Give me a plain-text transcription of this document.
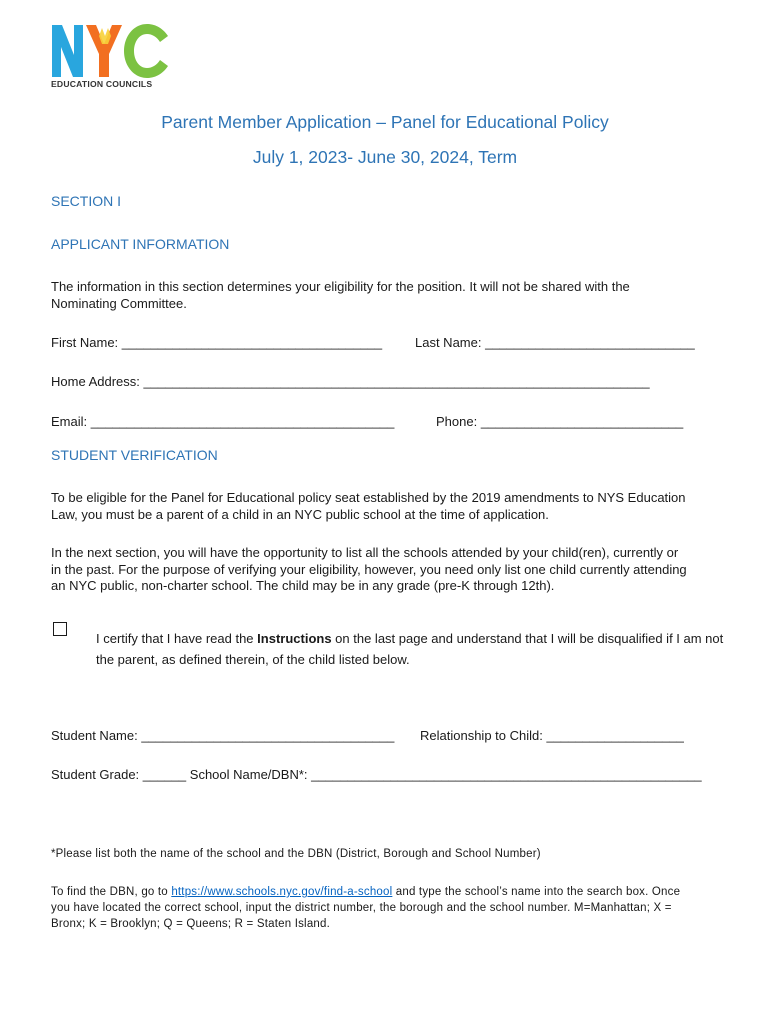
EDUCATION COUNCILS
Parent Member Application – Panel for Educational Policy
July 1, 2023- June 30, 2024, Term
SECTION I
APPLICANT INFORMATION
The information in this section determines your eligibility for the position. It will not be shared with the Nominating Committee.
First Name: ____________________________________	Last Name: _____________________________
Home Address: ______________________________________________________________________
Email: __________________________________________	Phone: ____________________________
STUDENT VERIFICATION
To be eligible for the Panel for Educational policy seat established by the 2019 amendments to NYS Education Law, you must be a parent of a child in an NYC public school at the time of application.
In the next section, you will have the opportunity to list all the schools attended by your child(ren), currently or in the past. For the purpose of verifying your eligibility, however, you need only list one child currently attending an NYC public, non-charter school. The child may be in any grade (pre-K through 12th).
I certify that I have read the Instructions on the last page and understand that I will be disqualified if I am not the parent, as defined therein, of the child listed below.
Student Name: ___________________________________ Relationship to Child: ___________________
Student Grade: ______ School Name/DBN*: ______________________________________________________
*Please list both the name of the school and the DBN (District, Borough and School Number)
To find the DBN, go to https://www.schools.nyc.gov/find-a-school and type the school’s name into the search box. Once you have located the correct school, input the district number, the borough and the school number. M=Manhattan; X = Bronx; K = Brooklyn; Q = Queens; R = Staten Island.
